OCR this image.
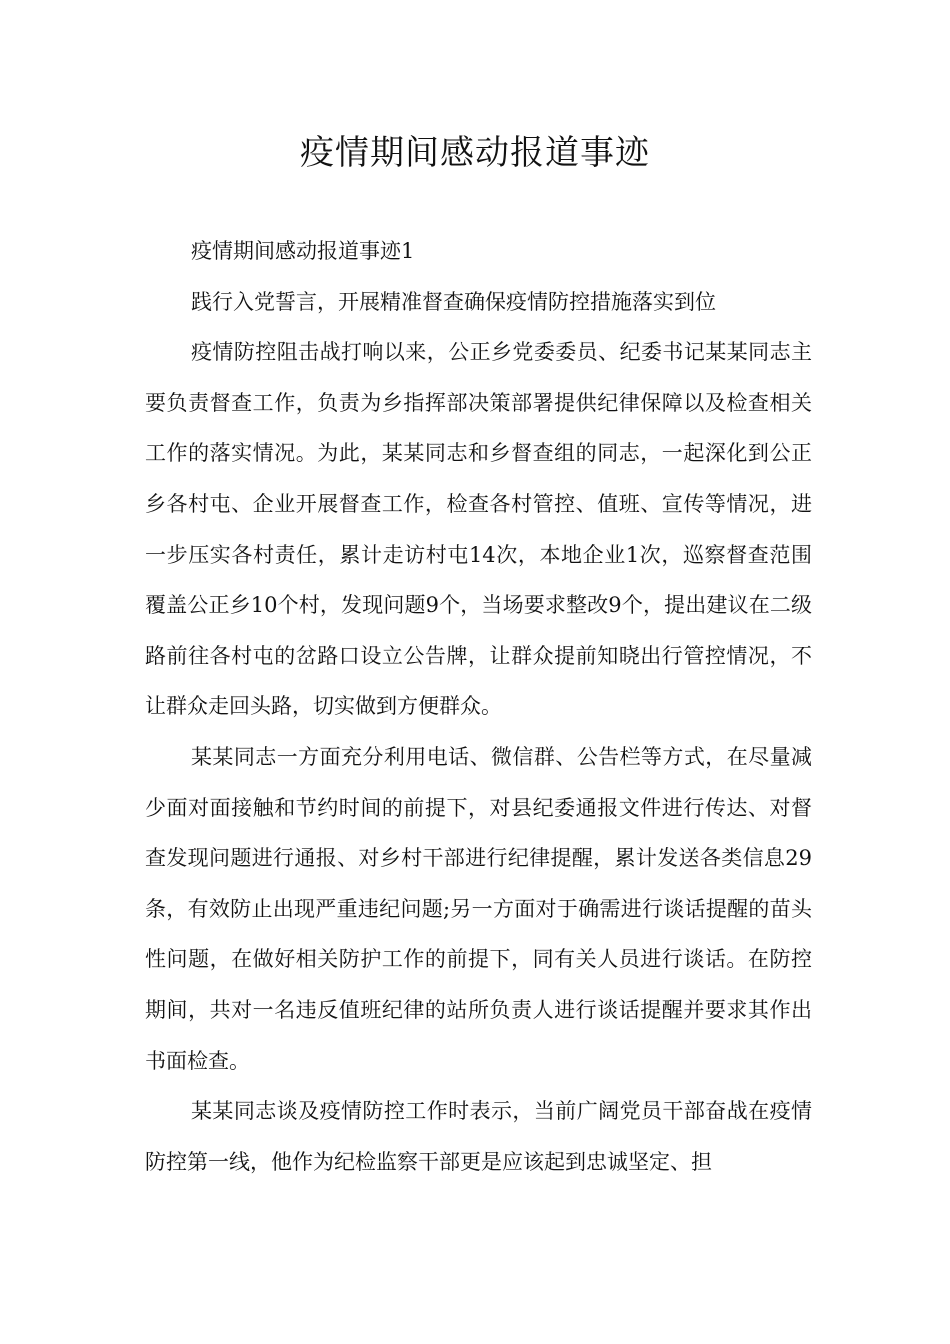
疫情期间感动报道事迹

疫情期间感动报道事迹1

践行入党誓言，开展精准督查确保疫情防控措施落实到位

疫情防控阻击战打响以来，公正乡党委委员、纪委书记某某同志主要负责督查工作，负责为乡指挥部决策部署提供纪律保障以及检查相关工作的落实情况。为此，某某同志和乡督查组的同志，一起深化到公正乡各村屯、企业开展督查工作，检查各村管控、值班、宣传等情况，进一步压实各村责任，累计走访村屯14次，本地企业1次，巡察督查范围覆盖公正乡10个村，发现问题9个，当场要求整改9个，提出建议在二级路前往各村屯的岔路口设立公告牌，让群众提前知晓出行管控情况，不让群众走回头路，切实做到方便群众。

某某同志一方面充分利用电话、微信群、公告栏等方式，在尽量减少面对面接触和节约时间的前提下，对县纪委通报文件进行传达、对督查发现问题进行通报、对乡村干部进行纪律提醒，累计发送各类信息29条，有效防止出现严重违纪问题;另一方面对于确需进行谈话提醒的苗头性问题，在做好相关防护工作的前提下，同有关人员进行谈话。在防控期间，共对一名违反值班纪律的站所负责人进行谈话提醒并要求其作出书面检查。

某某同志谈及疫情防控工作时表示，当前广阔党员干部奋战在疫情防控第一线，他作为纪检监察干部更是应该起到忠诚坚定、担
